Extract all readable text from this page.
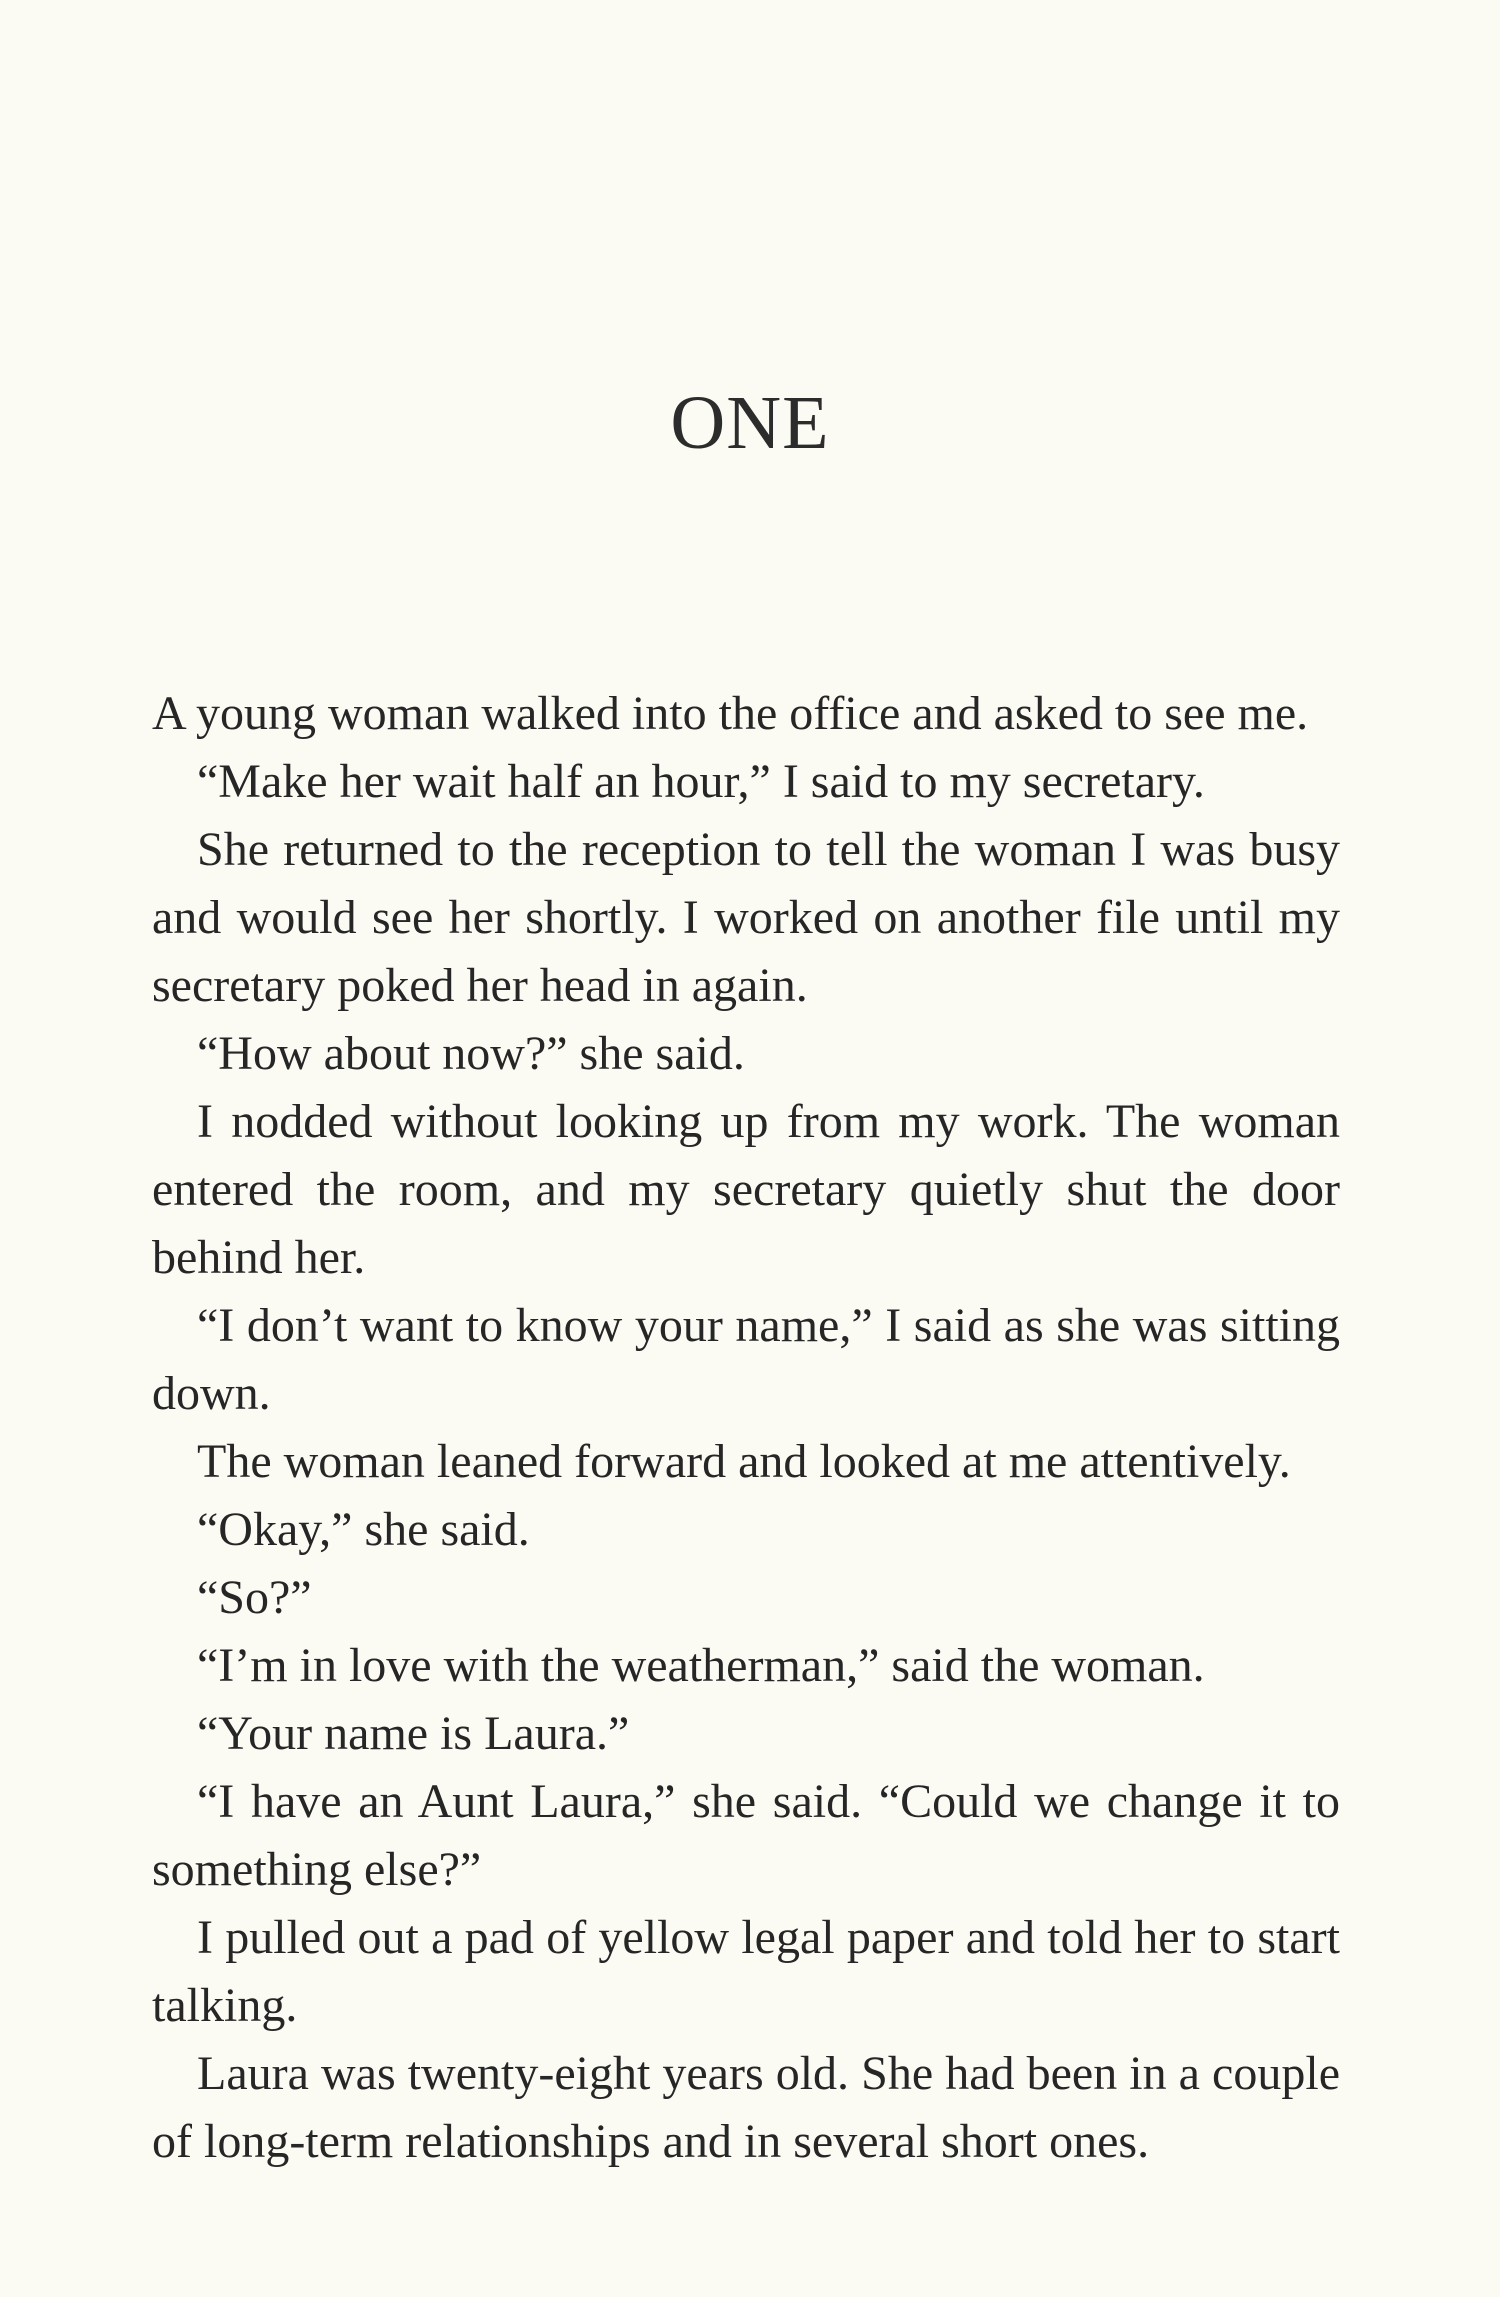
ONE

A young woman walked into the office and asked to see me.

“Make her wait half an hour,” I said to my secretary.

She returned to the reception to tell the woman I was busy and would see her shortly. I worked on another file until my secretary poked her head in again.

“How about now?” she said.

I nodded without looking up from my work. The woman entered the room, and my secretary quietly shut the door behind her.

“I don’t want to know your name,” I said as she was sitting down.

The woman leaned forward and looked at me attentively.

“Okay,” she said.

“So?”

“I’m in love with the weatherman,” said the woman.

“Your name is Laura.”

“I have an Aunt Laura,” she said. “Could we change it to something else?”

I pulled out a pad of yellow legal paper and told her to start talking.

Laura was twenty-eight years old. She had been in a couple of long-term relationships and in several short ones.
